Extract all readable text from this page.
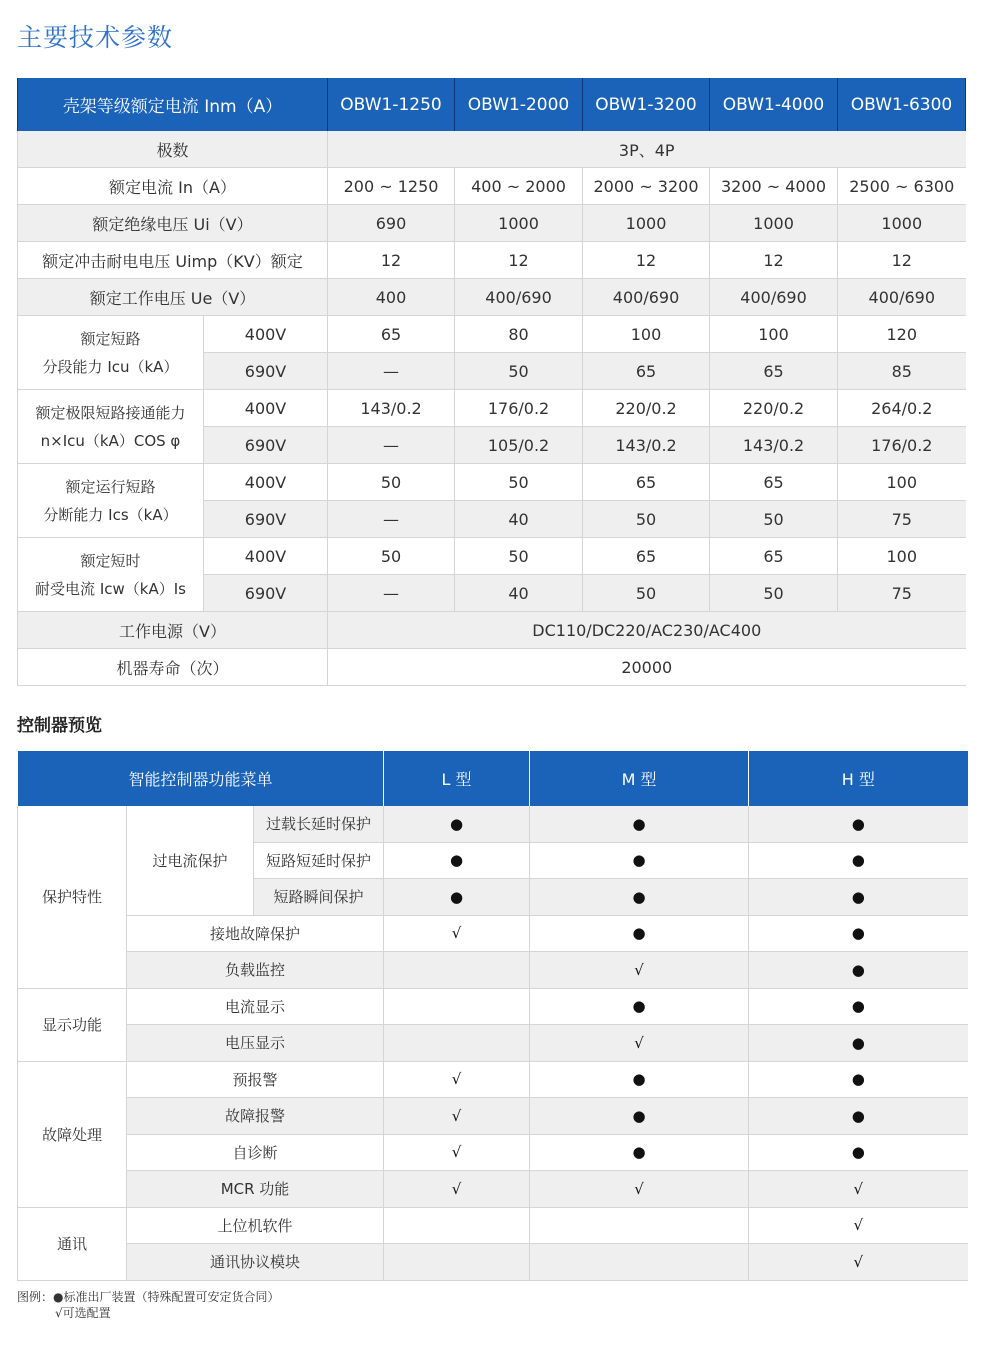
主要技术参数
壳架等级额定电流 Inm（A）		OBW1-1250	OBW1-2000	OBW1-3200	OBW1-4000	OBW1-6300
极数		3P、4P				
额定电流 In（A）		200 ~ 1250	400 ~ 2000	2000 ~ 3200	3200 ~ 4000	2500 ~ 6300
额定绝缘电压 Ui（V）		690	1000	1000	1000	1000
额定冲击耐电电压 Uimp（KV）额定		12	12	12	12	12
额定工作电压 Ue（V）		400	400/690	400/690	400/690	400/690
额定短路
分段能力 Icu（kA）	400V	65	80	100	100	120
	690V	—	50	65	65	85
额定极限短路接通能力
n×Icu（kA）COS φ	400V	143/0.2	176/0.2	220/0.2	220/0.2	264/0.2
	690V	—	105/0.2	143/0.2	143/0.2	176/0.2
额定运行短路
分断能力 Ics（kA）	400V	50	50	65	65	100
	690V	—	40	50	50	75
额定短时
耐受电流 Icw（kA）Is	400V	50	50	65	65	100
	690V	—	40	50	50	75
工作电源（V）		DC110/DC220/AC230/AC400				
机器寿命（次）		20000				
控制器预览
智能控制器功能菜单			L 型	M 型	H 型
保护特性	过电流保护	过载长延时保护	●	●	●
		短路短延时保护	●	●	●
		短路瞬间保护	●	●	●
	接地故障保护		√	●	●
	负载监控			√	●
显示功能	电流显示			●	●
	电压显示			√	●
故障处理	预报警		√	●	●
	故障报警		√	●	●
	自诊断		√	●	●
	MCR 功能		√	√	√
通讯	上位机软件				√
	通讯协议模块				√
图例：●标准出厂装置（特殊配置可安定货合同）
√可选配置
